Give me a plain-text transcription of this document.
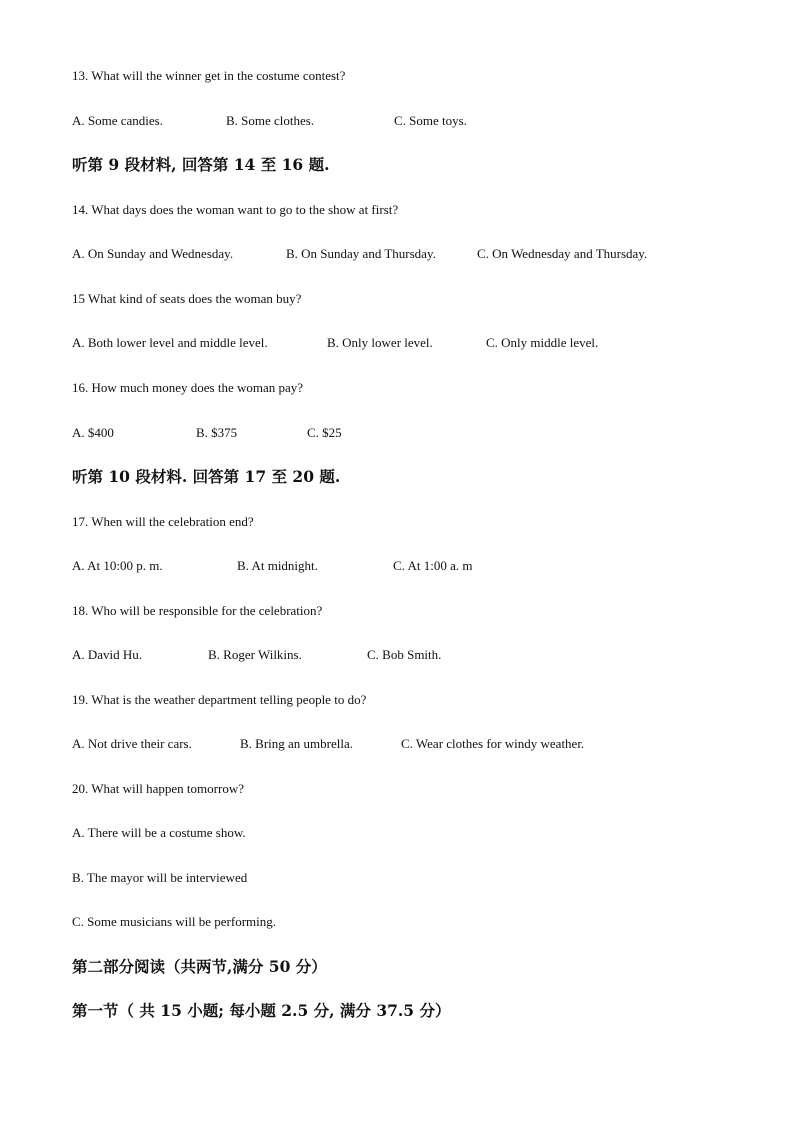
13. What will the winner get in the costume contest?
A. Some candies.	B. Some clothes.	C. Some toys.
听第 9 段材料, 回答第 14 至 16 题.
14. What days does the woman want to go to the show at first?
A. On Sunday and Wednesday.	B. On Sunday and Thursday.	C. On Wednesday and Thursday.
15 What kind of seats does the woman buy?
A. Both lower level and middle level.	B. Only lower level.	C. Only middle level.
16. How much money does the woman pay?
A. $400	B. $375	C. $25
听第 10 段材料. 回答第 17 至 20 题.
17. When will the celebration end?
A. At 10:00 p. m.	B. At midnight.	C. At 1:00 a. m
18. Who will be responsible for the celebration?
A. David Hu.	B. Roger Wilkins.	C. Bob Smith.
19. What is the weather department telling people to do?
A. Not drive their cars.	B. Bring an umbrella.	C. Wear clothes for windy weather.
20. What will happen tomorrow?
A. There will be a costume show.
B. The mayor will be interviewed
C. Some musicians will be performing.
第二部分阅读（共两节,满分 50 分）
第一节（ 共 15 小题; 每小题 2.5 分, 满分 37.5 分）
